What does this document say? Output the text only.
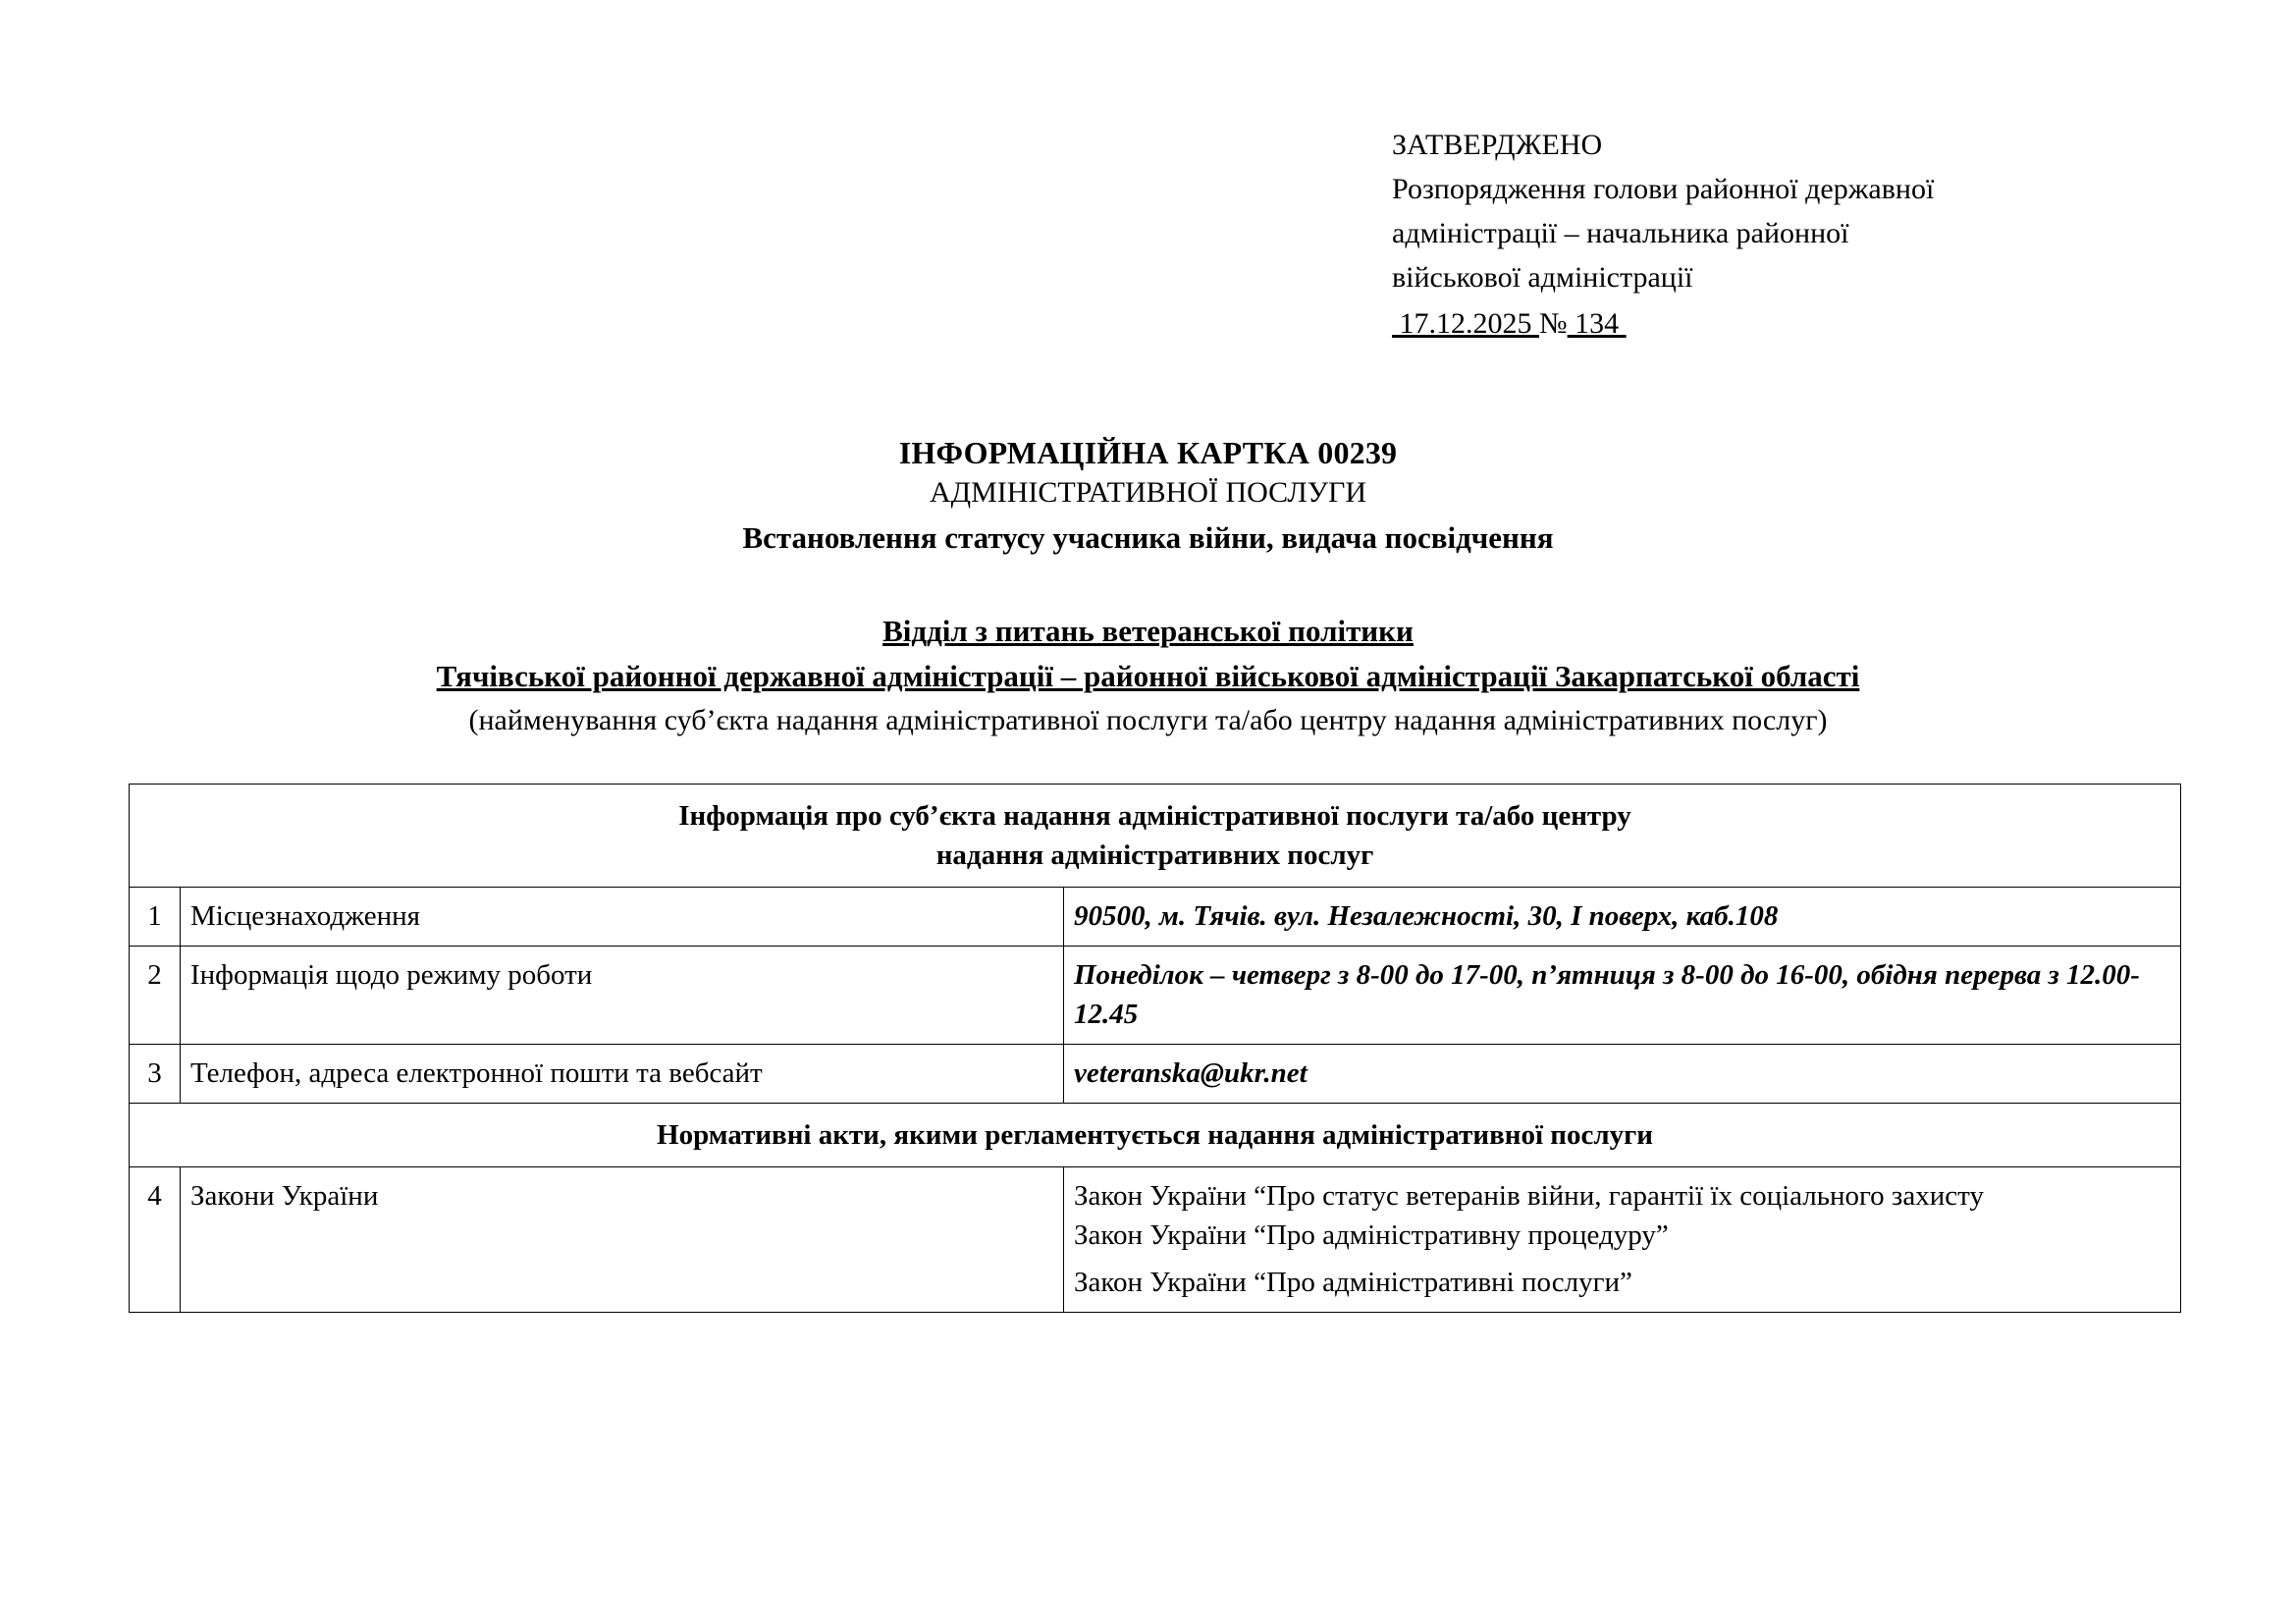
ЗАТВЕРДЖЕНО
Розпорядження голови районної державної
адміністрації – начальника районної
військової адміністрації
17.12.2025 № 134
ІНФОРМАЦІЙНА КАРТКА 00239
АДМІНІСТРАТИВНОЇ ПОСЛУГИ
Встановлення статусу учасника війни, видача посвідчення
Відділ з питань ветеранської політики
Тячівської районної державної адміністрації – районної військової адміністрації Закарпатської області
(найменування суб’єкта надання адміністративної послуги та/або центру надання адміністративних послуг)
Інформація про суб’єкта надання адміністративної послуги та/або центру
надання адміністративних послуг		

1	Місцезнаходження	90500, м. Тячів. вул. Незалежності, 30, I поверх, каб.108
2	Інформація щодо режиму роботи	Понеділок – четверг з 8-00 до 17-00, п’ятниця з 8-00 до 16-00, обідня перерва з 12.00-12.45
3	Телефон, адреса електронної пошти та вебсайт	veteranska@ukr.net
Нормативні акти, якими регламентується надання адміністративної послуги		
4	Закони України	Закон України “Про статус ветеранів війни, гарантії їх соціального захисту
Закон України “Про адміністративну процедуру”
Закон України “Про адміністративні послуги”
